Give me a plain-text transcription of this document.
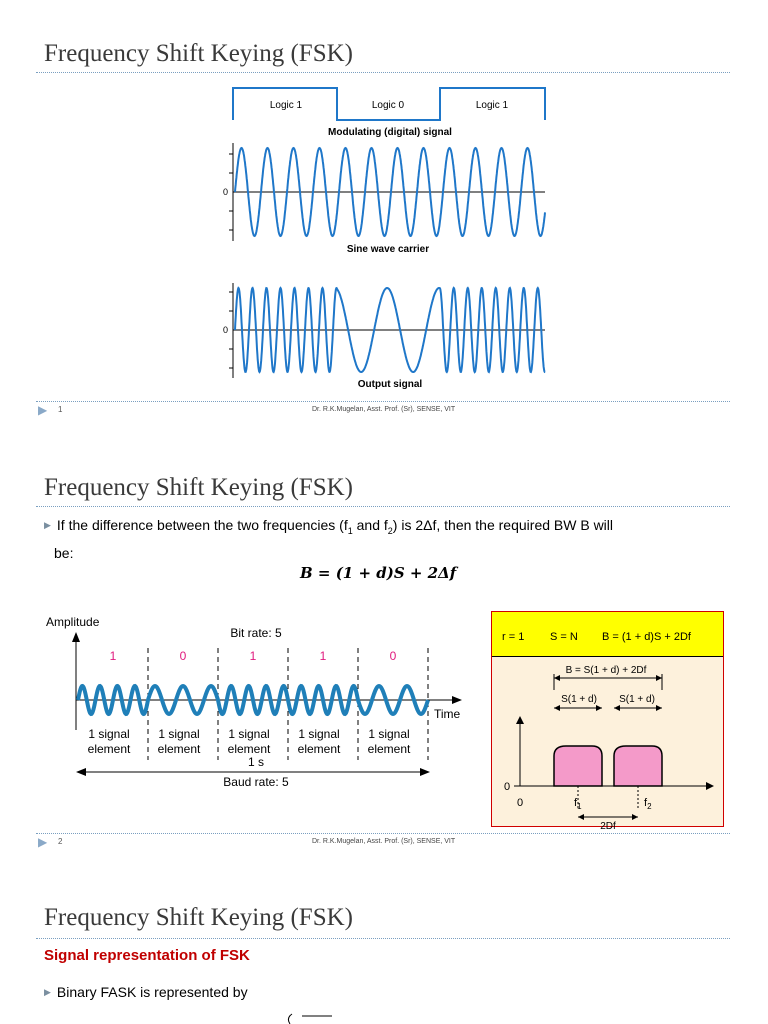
Frequency Shift Keying (FSK)
Logic 1	Logic 0	Logic 1
Modulating (digital) signal
0
Sine wave carrier
0
Output signal
▶ 1	Dr. R.K.Mugelan, Asst. Prof. (Sr), SENSE, VIT
Frequency Shift Keying (FSK)
▶ If the difference between the two frequencies ($f_1$ and $f_2$) is 2Δf, then the required BW B will
be:
B = (1 + d)S + 2Δf
Amplitude
Bit rate: 5
Time
1	0	1	1	0
1 signal
element
1 signal
element
1 signal
element
1 signal
element
1 signal
element
1 s
Baud rate: 5
r = 1 S = N B = (1 + d)S + 2Df
B = S(1 + d) + 2Df
S(1 + d) S(1 + d)
0
0	$f_1$	$f_2$
2Df
▶ 2	Dr. R.K.Mugelan, Asst. Prof. (Sr), SENSE, VIT
Frequency Shift Keying (FSK)
Signal representation of FSK
▶ Binary FASK is represented by
